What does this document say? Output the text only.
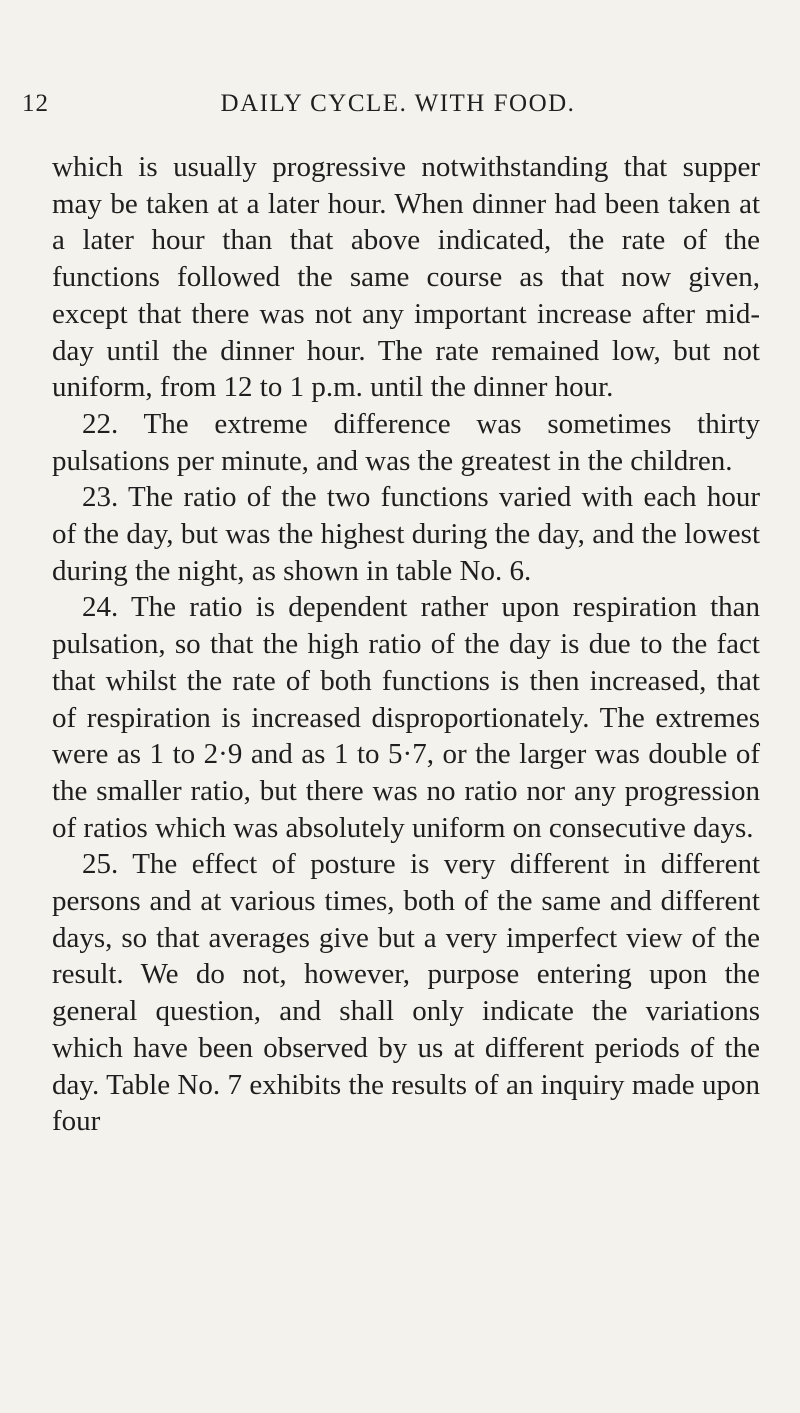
12	DAILY CYCLE. WITH FOOD.

which is usually progressive notwithstanding that supper may be taken at a later hour. When dinner had been taken at a later hour than that above indicated, the rate of the functions followed the same course as that now given, except that there was not any important increase after mid-day until the dinner hour. The rate remained low, but not uniform, from 12 to 1 p.m. until the dinner hour.

22. The extreme difference was sometimes thirty pulsations per minute, and was the greatest in the children.

23. The ratio of the two functions varied with each hour of the day, but was the highest during the day, and the lowest during the night, as shown in table No. 6.

24. The ratio is dependent rather upon respiration than pulsation, so that the high ratio of the day is due to the fact that whilst the rate of both functions is then increased, that of respiration is increased disproportionately. The extremes were as 1 to 2·9 and as 1 to 5·7, or the larger was double of the smaller ratio, but there was no ratio nor any progression of ratios which was absolutely uniform on consecutive days.

25. The effect of posture is very different in different persons and at various times, both of the same and different days, so that averages give but a very imperfect view of the result. We do not, however, purpose entering upon the general question, and shall only indicate the variations which have been observed by us at different periods of the day. Table No. 7 exhibits the results of an inquiry made upon four
